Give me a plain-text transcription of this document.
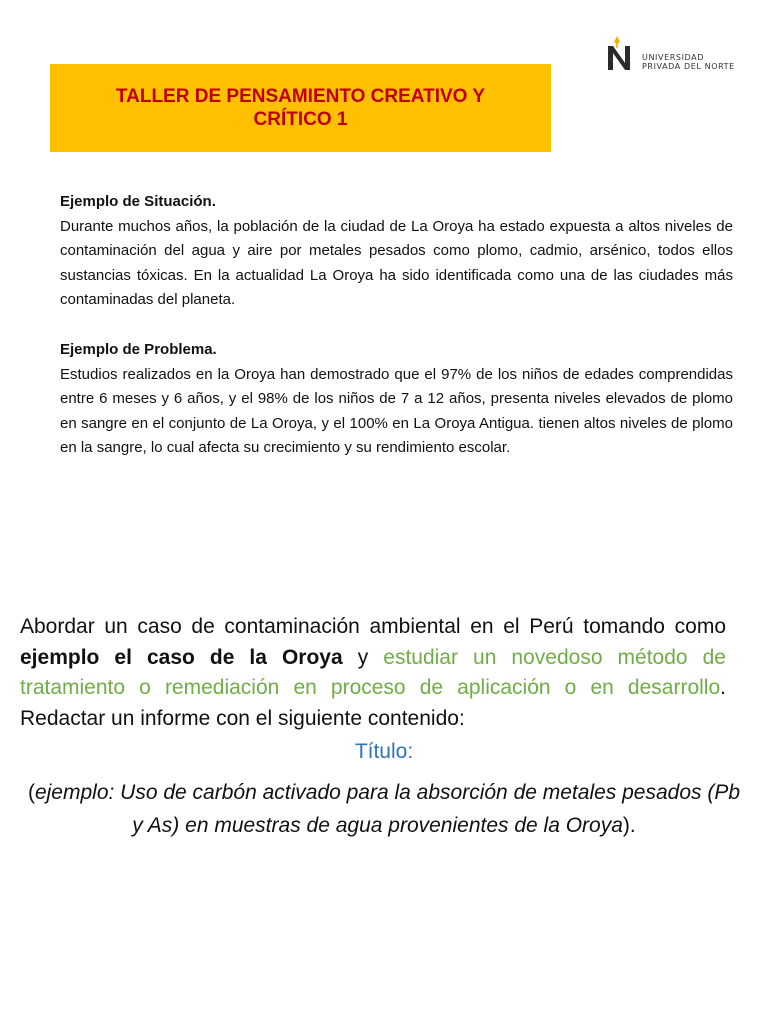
UNIVERSIDAD
PRIVADA DEL NORTE
TALLER DE PENSAMIENTO CREATIVO Y
CRÍTICO 1
Ejemplo de Situación.
Durante muchos años, la población de la ciudad de La Oroya ha estado expuesta a altos niveles de contaminación del agua y aire por metales pesados como plomo, cadmio, arsénico, todos ellos sustancias tóxicas. En la actualidad La Oroya ha sido identificada como una de las ciudades más contaminadas del planeta.
Ejemplo de Problema.
Estudios realizados en la Oroya han demostrado que el 97% de los niños de edades comprendidas entre 6 meses y 6 años, y el 98% de los niños de 7 a 12 años, presenta niveles elevados de plomo en sangre en el conjunto de La Oroya, y el 100% en La Oroya Antigua. tienen altos niveles de plomo en la sangre, lo cual afecta su crecimiento y su rendimiento escolar.
Abordar un caso de contaminación ambiental en el Perú tomando como ejemplo el caso de la Oroya y estudiar un novedoso método de tratamiento o remediación en proceso de aplicación o en desarrollo. Redactar un informe con el siguiente contenido:
Título:
(ejemplo: Uso de carbón activado para la absorción de metales pesados (Pb y As) en muestras de agua provenientes de la Oroya).
